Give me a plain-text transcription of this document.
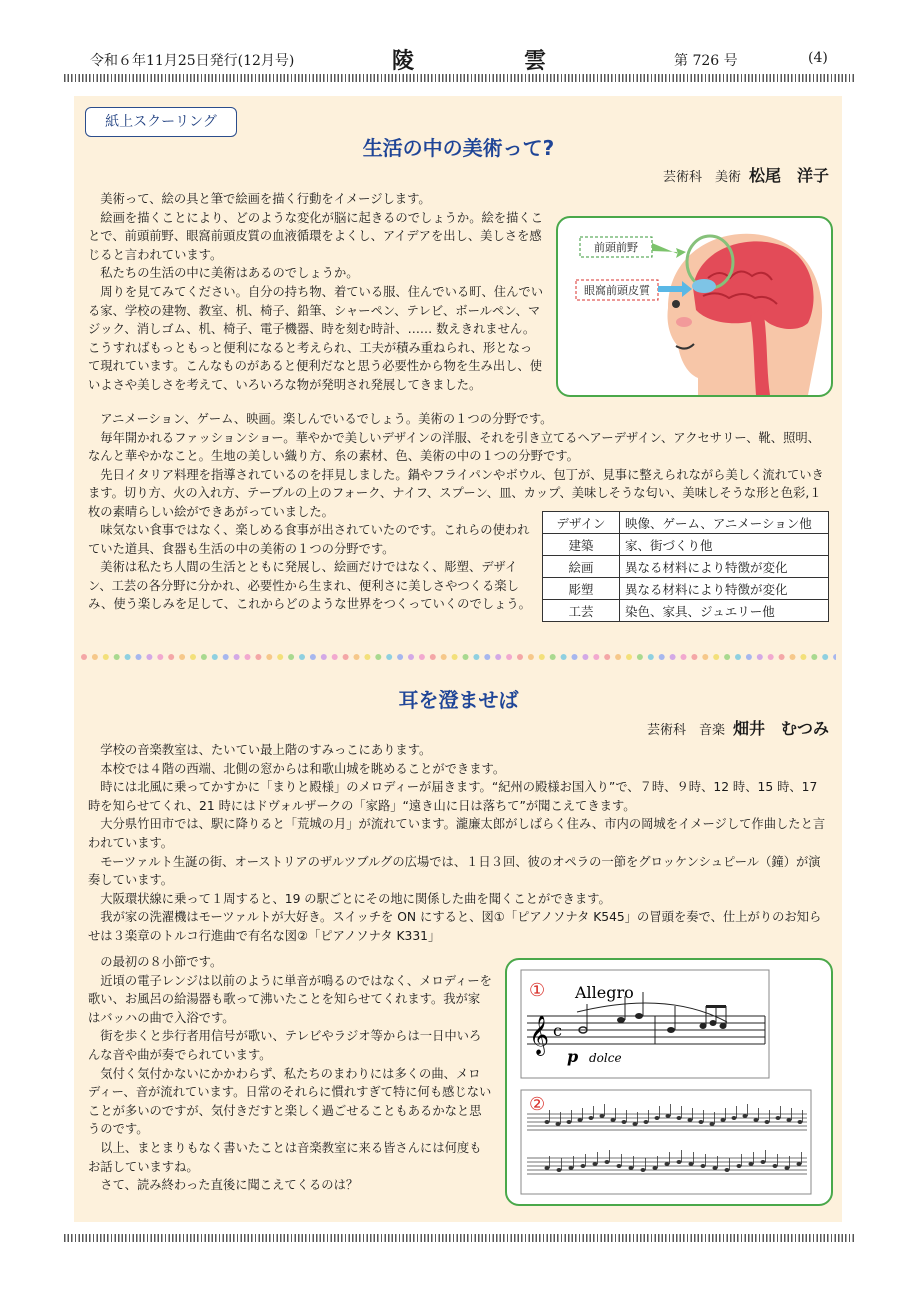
令和６年11月25日発行(12月号)	陵	雲	第 726 号	(4)
紙上スクーリング
生活の中の美術って?
芸術科　美術 松尾　洋子

美術って、絵の具と筆で絵画を描く行動をイメージします。

絵画を描くことにより、どのような変化が脳に起きるのでしょうか。絵を描くことで、前頭前野、眼窩前頭皮質の血液循環をよくし、アイデアを出し、美しさを感じると言われています。

私たちの生活の中に美術はあるのでしょうか。

周りを見てみてください。自分の持ち物、着ている服、住んでいる町、住んでいる家、学校の建物、教室、机、椅子、鉛筆、シャーペン、テレビ、ボールペン、マジック、消しゴム、机、椅子、電子機器、時を刻む時計、…… 数えきれません。こうすればもっともっと便利になると考えられ、工夫が積み重ねられ、形となって現れています。こんなものがあると便利だなと思う必要性から物を生み出し、使いよさや美しさを考えて、いろいろな物が発明され発展してきました。

前頭前野
眼窩前頭皮質

アニメーション、ゲーム、映画。楽しんでいるでしょう。美術の１つの分野です。

毎年開かれるファッションショー。華やかで美しいデザインの洋服、それを引き立てるヘアーデザイン、アクセサリー、靴、照明、なんと華やかなこと。生地の美しい織り方、糸の素材、色、美術の中の１つの分野です。

先日イタリア料理を指導されているのを拝見しました。鍋やフライパンやボウル、包丁が、見事に整えられながら美しく流れていきます。切り方、火の入れ方、テーブルの上のフォーク、ナイフ、スプーン、皿、カップ、美味しそうな匂い、美味しそうな形と色彩,１枚の素晴らしい絵ができあがっていました。

味気ない食事ではなく、楽しめる食事が出されていたのです。これらの使われていた道具、食器も生活の中の美術の１つの分野です。

美術は私たち人間の生活とともに発展し、絵画だけではなく、彫塑、デザイン、工芸の各分野に分かれ、必要性から生まれ、便利さに美しさやつくる楽しみ、使う楽しみを足して、これからどのような世界をつくっていくのでしょう。

デザイン	映像、ゲーム、アニメーション他
建築	家、街づくり他
絵画	異なる材料により特徴が変化
彫塑	異なる材料により特徴が変化
工芸	染色、家具、ジュエリー他
耳を澄ませば
芸術科　音楽 畑井　むつみ

学校の音楽教室は、たいてい最上階のすみっこにあります。

本校では４階の西端、北側の窓からは和歌山城を眺めることができます。

時には北風に乗ってかすかに「まりと殿様」のメロディーが届きます。“紀州の殿様お国入り”で、７時、９時、12 時、15 時、17 時を知らせてくれ、21 時にはドヴォルザークの「家路」“遠き山に日は落ちて”が聞こえてきます。

大分県竹田市では、駅に降りると「荒城の月」が流れています。瀧廉太郎がしばらく住み、市内の岡城をイメージして作曲したと言われています。

モーツァルト生誕の街、オーストリアのザルツブルグの広場では、１日３回、彼のオペラの一節をグロッケンシュピール（鐘）が演奏しています。

大阪環状線に乗って１周すると、19 の駅ごとにその地に関係した曲を聞くことができます。

我が家の洗濯機はモーツァルトが大好き。スイッチを ON にすると、図①「ピアノソナタ K545」の冒頭を奏で、仕上がりのお知らせは３楽章のトルコ行進曲で有名な図②「ピアノソナタ K331」

の最初の８小節です。

近頃の電子レンジは以前のように単音が鳴るのではなく、メロディーを歌い、お風呂の給湯器も歌って沸いたことを知らせてくれます。我が家はバッハの曲で入浴です。

街を歩くと歩行者用信号が歌い、テレビやラジオ等からは一日中いろんな音や曲が奏でられています。

気付く気付かないにかかわらず、私たちのまわりには多くの曲、メロディー、音が流れています。日常のそれらに慣れすぎて特に何も感じないことが多いのですが、気付きだすと楽しく過ごせることもあるかなと思うのです。

以上、まとまりもなく書いたことは音楽教室に来る皆さんには何度もお話していますね。

さて、読み終わった直後に聞こえてくるのは？

① Allegro
𝄞 c
p dolce
②
